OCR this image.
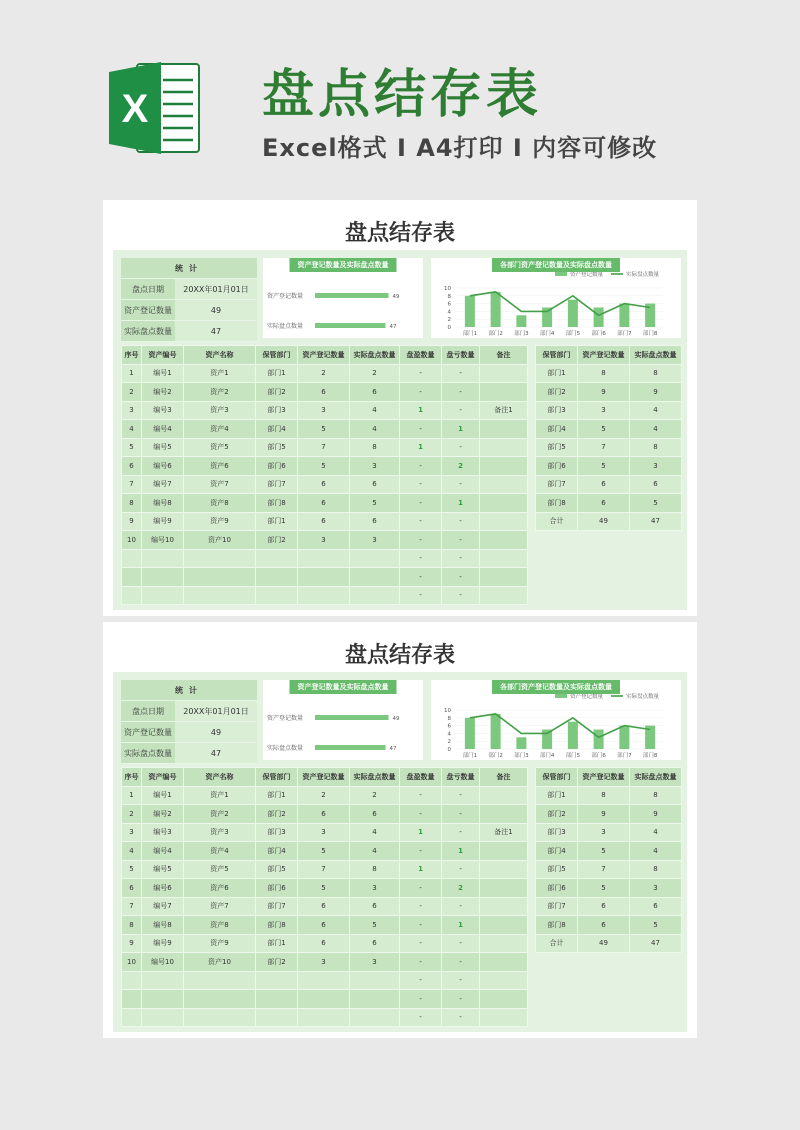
X 盘点结存表
Excel格式 Ⅰ A4打印 Ⅰ 内容可修改
盘点结存表
统计	
盘点日期	20XX年01月01日
资产登记数量	49
实际盘点数量	47
资产登记数量	49
实际盘点数量	47
资产登记数量及实际盘点数量
10
8
6
4
2
0
部门1 部门2 部门3 部门4 部门5 部门6 部门7 部门8
资产登记数量	实际盘点数量
各部门资产登记数量及实际盘点数量
序号	资产编号	资产名称	保管部门	资产登记数量	实际盘点数量	盘盈数量	盘亏数量	备注
1	编号1	资产1	部门1	2	2	-	-	
2	编号2	资产2	部门2	6	6	-	-	
3	编号3	资产3	部门3	3	4	1	-	备注1
4	编号4	资产4	部门4	5	4	-	1	
5	编号5	资产5	部门5	7	8	1	-	
6	编号6	资产6	部门6	5	3	-	2	
7	编号7	资产7	部门7	6	6	-	-	
8	编号8	资产8	部门8	6	5	-	1	
9	编号9	资产9	部门1	6	6	-	-	
10	编号10	资产10	部门2	3	3	-	-	
						-	-	
						-	-	
						-	-	
保管部门	资产登记数量	实际盘点数量
部门1	8	8
部门2	9	9
部门3	3	4
部门4	5	4
部门5	7	8
部门6	5	3
部门7	6	6
部门8	6	5
合计	49	47
盘点结存表
统计	
盘点日期	20XX年01月01日
资产登记数量	49
实际盘点数量	47
资产登记数量	49
实际盘点数量	47
资产登记数量及实际盘点数量
10
8
6
4
2
0
部门1 部门2 部门3 部门4 部门5 部门6 部门7 部门8
资产登记数量	实际盘点数量
各部门资产登记数量及实际盘点数量
序号	资产编号	资产名称	保管部门	资产登记数量	实际盘点数量	盘盈数量	盘亏数量	备注
1	编号1	资产1	部门1	2	2	-	-	
2	编号2	资产2	部门2	6	6	-	-	
3	编号3	资产3	部门3	3	4	1	-	备注1
4	编号4	资产4	部门4	5	4	-	1	
5	编号5	资产5	部门5	7	8	1	-	
6	编号6	资产6	部门6	5	3	-	2	
7	编号7	资产7	部门7	6	6	-	-	
8	编号8	资产8	部门8	6	5	-	1	
9	编号9	资产9	部门1	6	6	-	-	
10	编号10	资产10	部门2	3	3	-	-	
						-	-	
						-	-	
						-	-	
保管部门	资产登记数量	实际盘点数量
部门1	8	8
部门2	9	9
部门3	3	4
部门4	5	4
部门5	7	8
部门6	5	3
部门7	6	6
部门8	6	5
合计	49	47
